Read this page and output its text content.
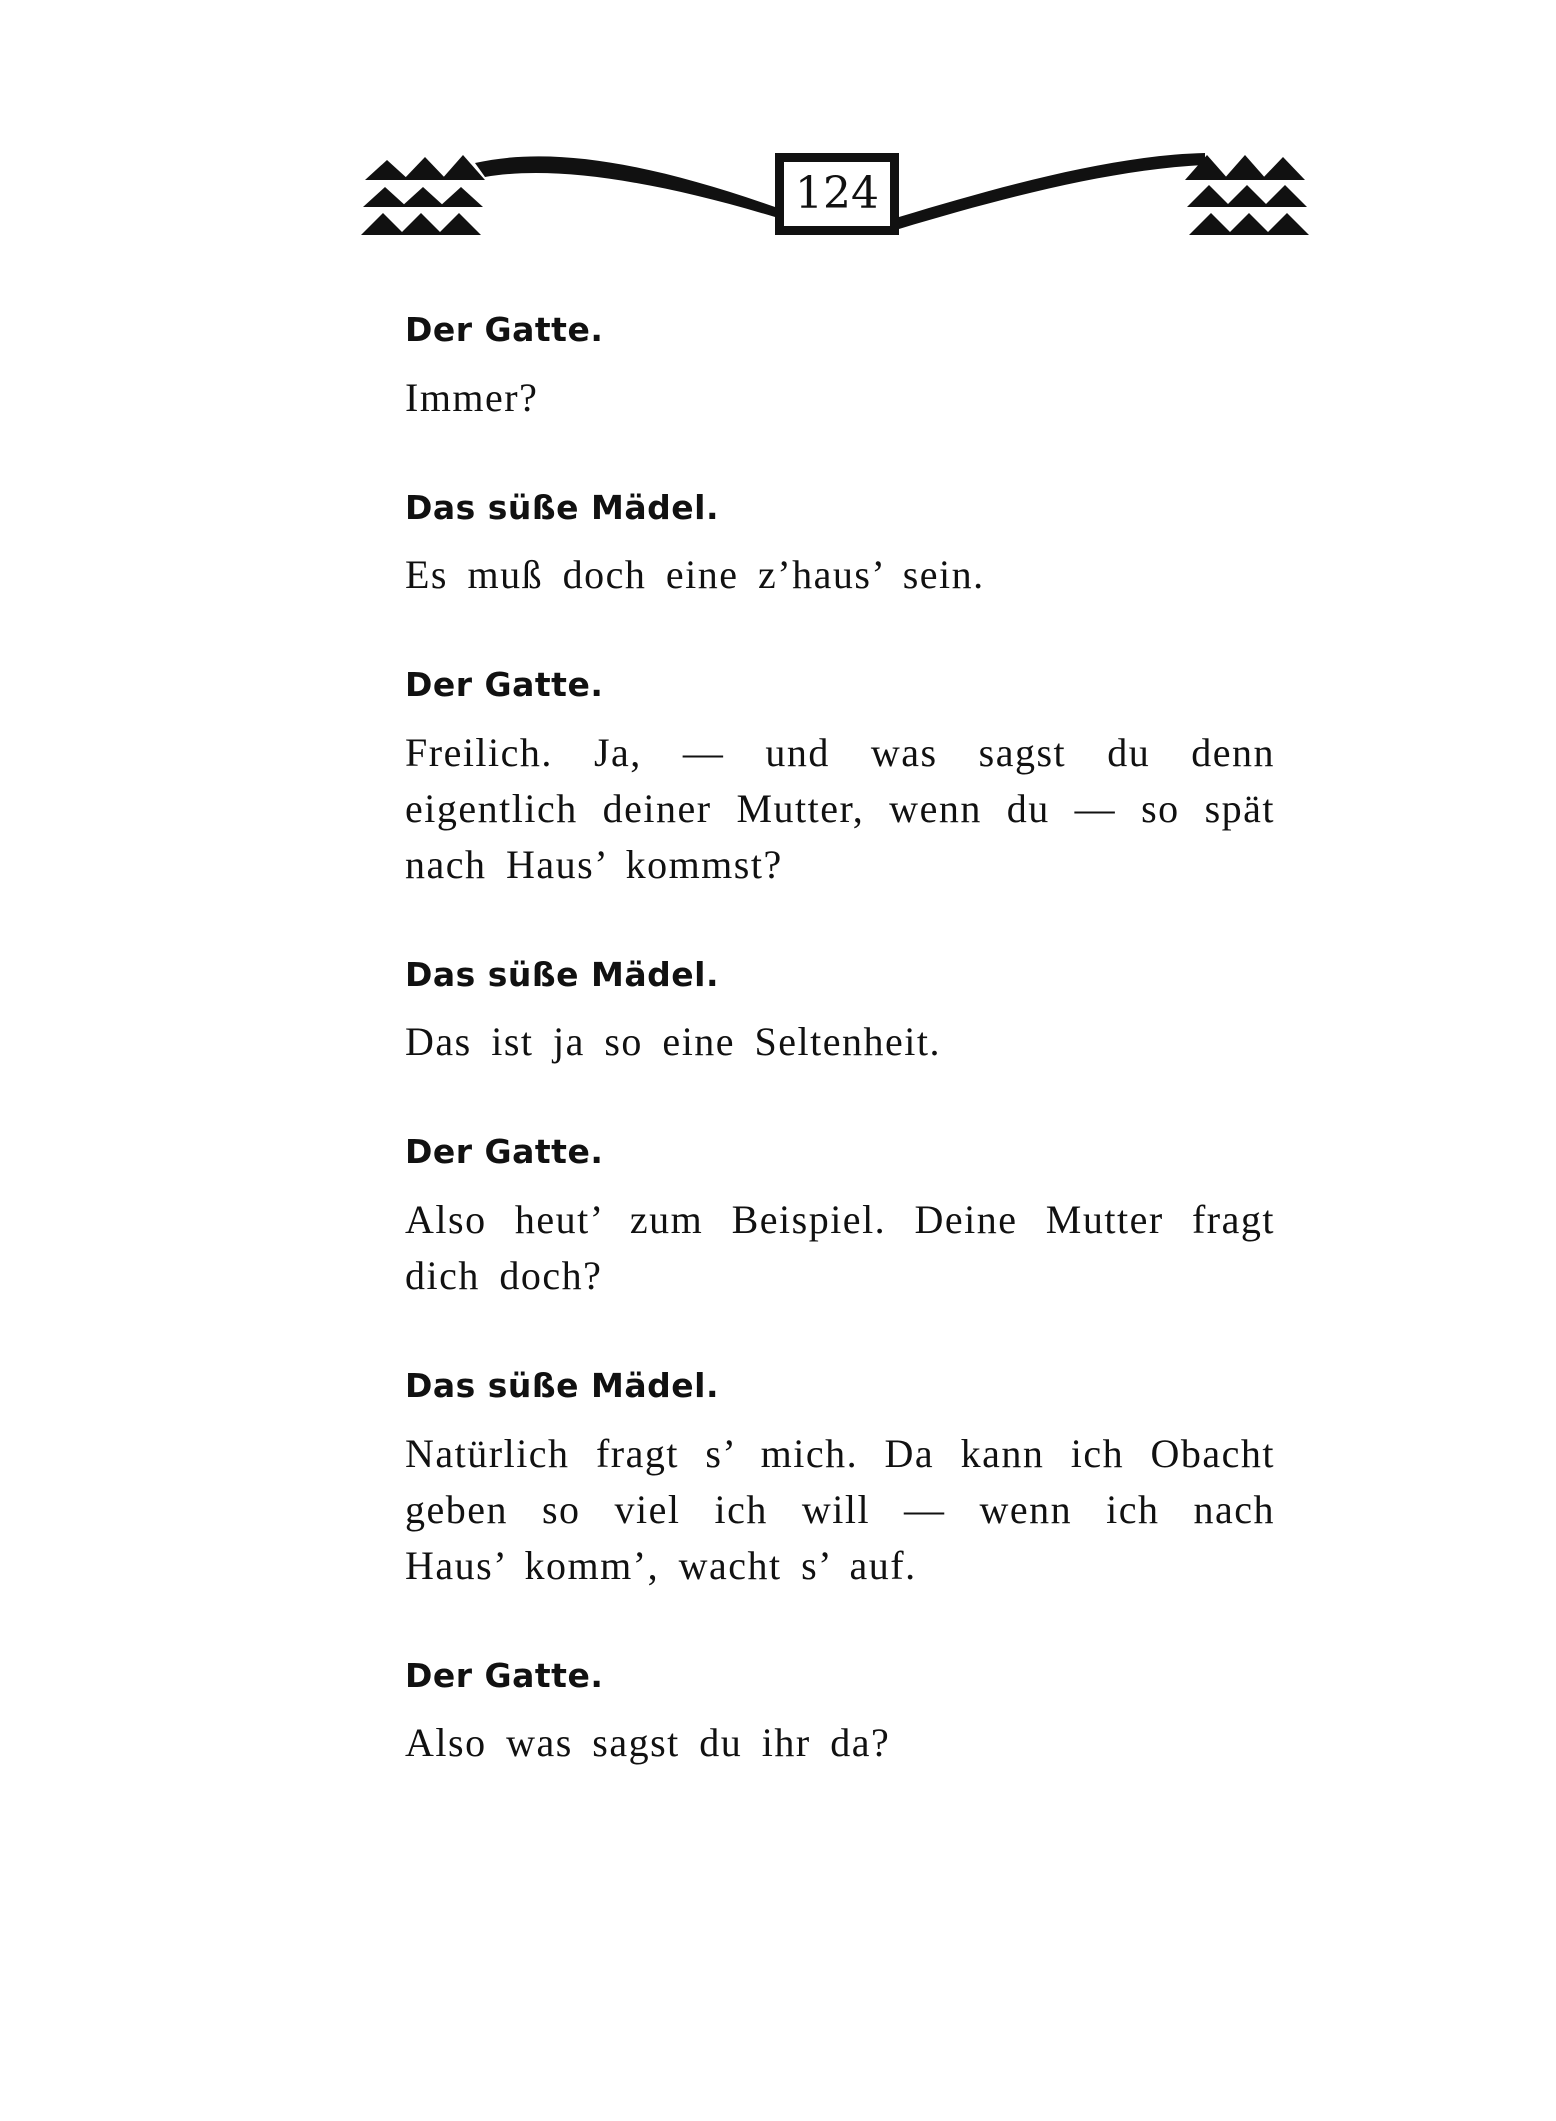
124

Der Gatte.

Immer?

Das süße Mädel.

Es muß doch eine z’haus’ sein.

Der Gatte.

Freilich. Ja, — und was sagst du denn eigentlich deiner Mutter, wenn du — so spät nach Haus’ kommst?

Das süße Mädel.

Das ist ja so eine Seltenheit.

Der Gatte.

Also heut’ zum Beispiel. Deine Mutter fragt dich doch?

Das süße Mädel.

Natürlich fragt s’ mich. Da kann ich Obacht geben so viel ich will — wenn ich nach Haus’ komm’, wacht s’ auf.

Der Gatte.

Also was sagst du ihr da?
